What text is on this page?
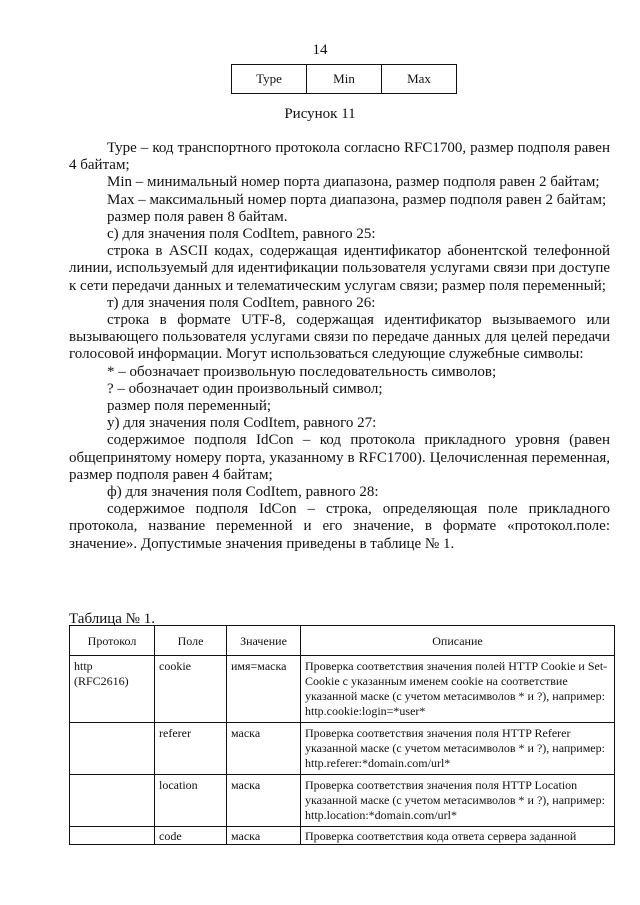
14
Type	Min	Max
Рисунок 11

Type – код транспортного протокола согласно RFC1700, размер подполя равен 4 байтам;

Min – минимальный номер порта диапазона, размер подполя равен 2 байтам;

Max – максимальный номер порта диапазона, размер подполя равен 2 байтам;

размер поля равен 8 байтам.

с) для значения поля CodItem, равного 25:

строка в ASCII кодах, содержащая идентификатор абонентской телефонной линии, используемый для идентификации пользователя услугами связи при доступе к сети передачи данных и телематическим услугам связи; размер поля переменный;

т) для значения поля CodItem, равного 26:

строка в формате UTF-8, содержащая идентификатор вызываемого или вызывающего пользователя услугами связи по передаче данных для целей передачи голосовой информации. Могут использоваться следующие служебные символы:

* – обозначает произвольную последовательность символов;

? – обозначает один произвольный символ;

размер поля переменный;

у) для значения поля CodItem, равного 27:

содержимое подполя IdCon – код протокола прикладного уровня (равен общепринятому номеру порта, указанному в RFC1700). Целочисленная переменная, размер подполя равен 4 байтам;

ф) для значения поля CodItem, равного 28:

содержимое подполя IdCon – строка, определяющая поле прикладного протокола, название переменной и его значение, в формате «протокол.поле: значение». Допустимые значения приведены в таблице № 1.

Таблица № 1.
Протокол	Поле	Значение	Описание
http (RFC2616)	cookie	имя=маска	Проверка соответствия значения полей HTTP Cookie и Set-Cookie с указанным именем cookie на соответствие указанной маске (с учетом метасимволов * и ?), например: http.cookie:login=*user*
	referer	маска	Проверка соответствия значения поля HTTP Referer указанной маске (с учетом метасимволов * и ?), например: http.referer:*domain.com/url*
	location	маска	Проверка соответствия значения поля HTTP Location указанной маске (с учетом метасимволов * и ?), например: http.location:*domain.com/url*
	code	маска	Проверка соответствия кода ответа сервера заданной
